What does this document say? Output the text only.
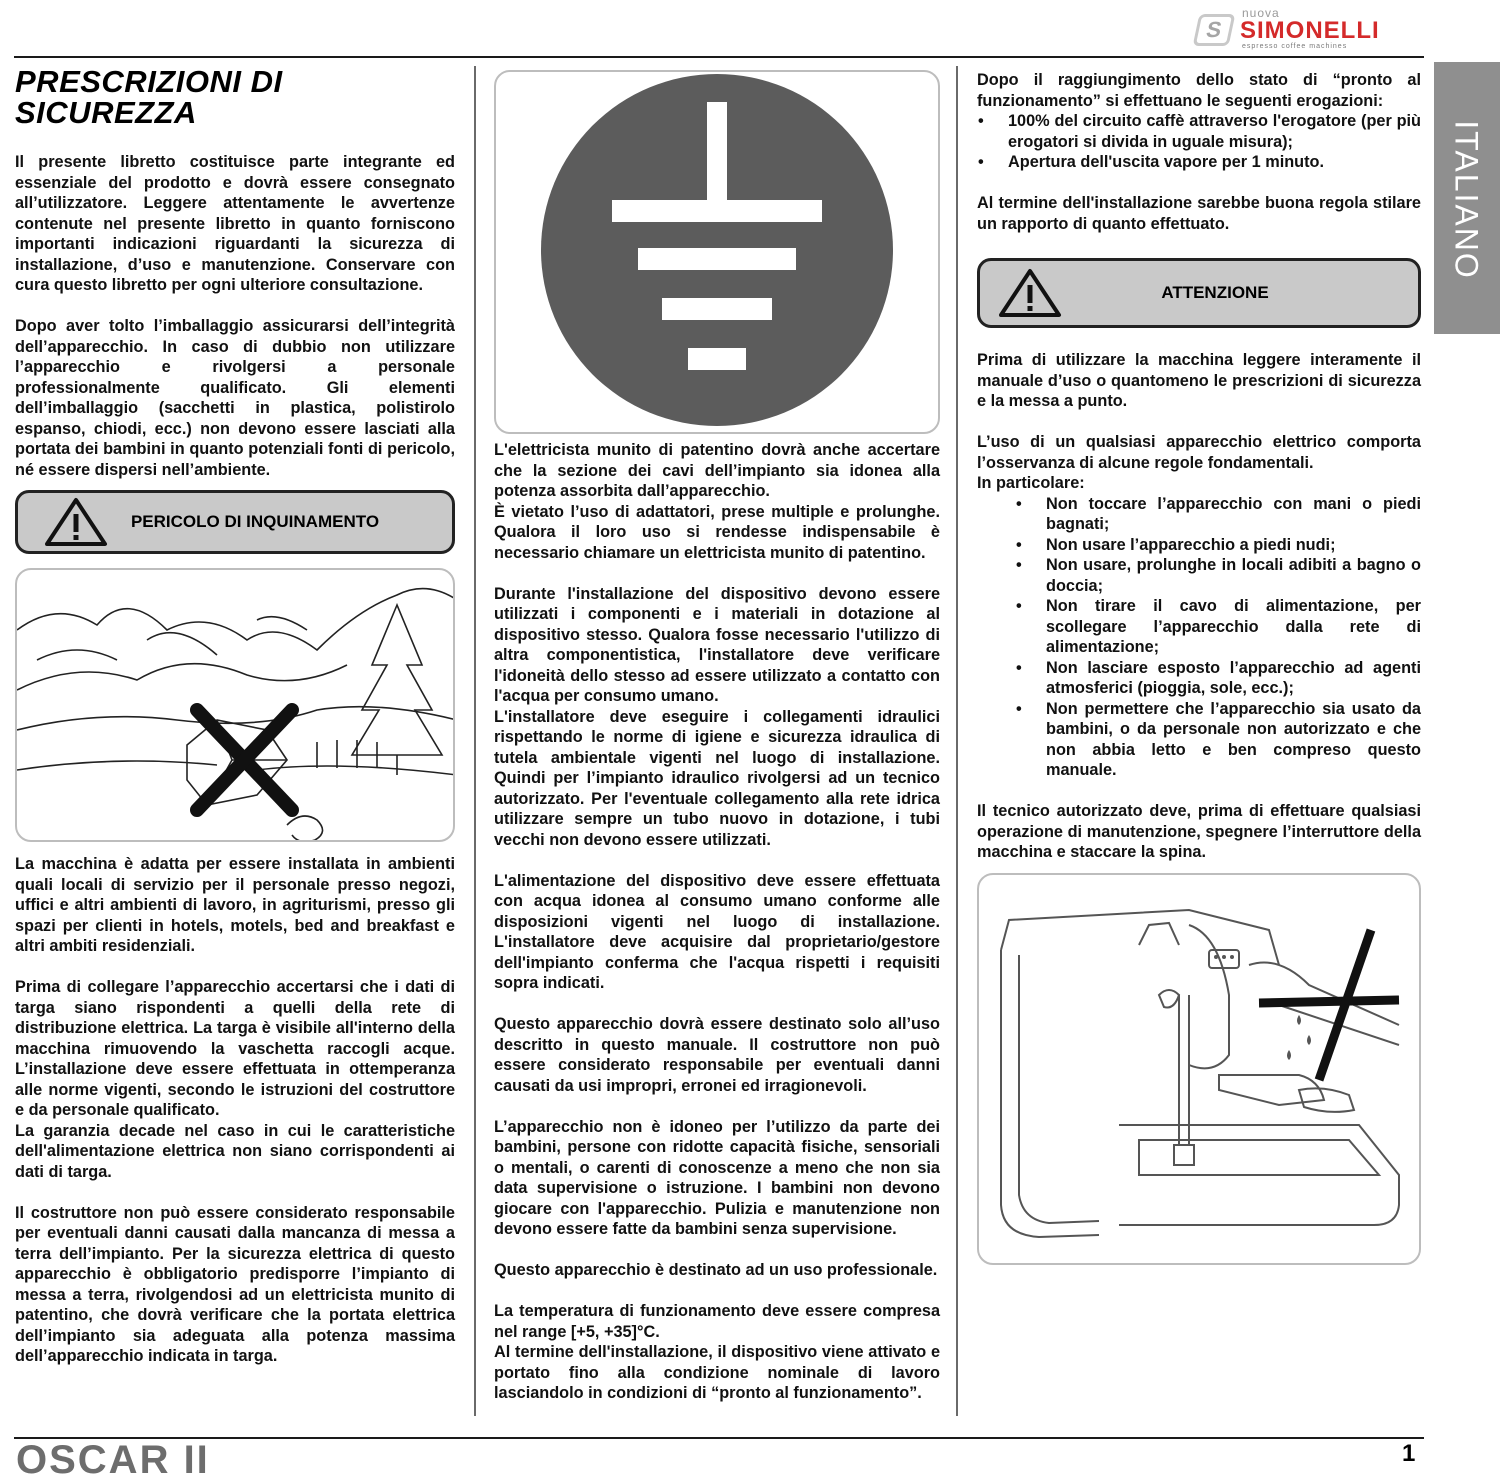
S
nuova
SIMONELLI
espresso coffee machines
ITALIANO
PRESCRIZIONI DI SICUREZZA

Il presente libretto costituisce parte integrante ed essenziale del prodotto e dovrà essere consegnato all’utilizzatore. Leggere attentamente le avvertenze contenute nel presente libretto in quanto forniscono importanti indicazioni riguardanti la sicurezza di installazione, d’uso e manutenzione. Conservare con cura questo libretto per ogni ulteriore consultazione.

Dopo aver tolto l’imballaggio assicurarsi dell’integrità dell’apparecchio. In caso di dubbio non utilizzare l’apparecchio e rivolgersi a personale professionalmente qualificato. Gli elementi dell’imballaggio (sacchetti in plastica, polistirolo espanso, chiodi, ecc.) non devono essere lasciati alla portata dei bambini in quanto potenziali fonti di pericolo, né essere dispersi nell’ambiente.

PERICOLO DI INQUINAMENTO

La macchina è adatta per essere installata in ambienti quali locali di servizio per il personale presso negozi, uffici e altri ambienti di lavoro, in agriturismi, presso gli spazi per clienti in hotels, motels, bed and breakfast e altri ambiti residenziali.

Prima di collegare l’apparecchio accertarsi che i dati di targa siano rispondenti a quelli della rete di distribuzione elettrica. La targa è visibile all'interno della macchina rimuovendo la vaschetta raccogli acque. L’installazione deve essere effettuata in ottemperanza alle norme vigenti, secondo le istruzioni del costruttore e da personale qualificato.

La garanzia decade nel caso in cui le caratteristiche dell'alimentazione elettrica non siano corrispondenti ai dati di targa.

Il costruttore non può essere considerato responsabile per eventuali danni causati dalla mancanza di messa a terra dell’impianto. Per la sicurezza elettrica di questo apparecchio è obbligatorio predisporre l’impianto di messa a terra, rivolgendosi ad un elettricista munito di patentino, che dovrà verificare che la portata elettrica dell’impianto sia adeguata alla potenza massima dell’apparecchio indicata in targa.

L'elettricista munito di patentino dovrà anche accertare che la sezione dei cavi dell’impianto sia idonea alla potenza assorbita dall’apparecchio.

È vietato l’uso di adattatori, prese multiple e prolunghe. Qualora il loro uso si rendesse indispensabile è necessario chiamare un elettricista munito di patentino.

Durante l'installazione del dispositivo devono essere utilizzati i componenti e i materiali in dotazione al dispositivo stesso. Qualora fosse necessario l'utilizzo di altra componentistica, l'installatore deve verificare l'idoneità dello stesso ad essere utilizzato a contatto con l'acqua per consumo umano.

L'installatore deve eseguire i collegamenti idraulici rispettando le norme di igiene e sicurezza idraulica di tutela ambientale vigenti nel luogo di installazione. Quindi per l’impianto idraulico rivolgersi ad un tecnico autorizzato. Per l'eventuale collegamento alla rete idrica utilizzare sempre un tubo nuovo in dotazione, i tubi vecchi non devono essere utilizzati.

L'alimentazione del dispositivo deve essere effettuata con acqua idonea al consumo umano conforme alle disposizioni vigenti nel luogo di installazione. L'installatore deve acquisire dal proprietario/gestore dell'impianto conferma che l'acqua rispetti i requisiti sopra indicati.

Questo apparecchio dovrà essere destinato solo all’uso descritto in questo manuale. Il costruttore non può essere considerato responsabile per eventuali danni causati da usi impropri, erronei ed irragionevoli.

L’apparecchio non è idoneo per l’utilizzo da parte dei bambini, persone con ridotte capacità fisiche, sensoriali o mentali, o carenti di conoscenze a meno che non sia data supervisione o istruzione. I bambini non devono giocare con l'apparecchio. Pulizia e manutenzione non devono essere fatte da bambini senza supervisione.

Questo apparecchio è destinato ad un uso professionale.

La temperatura di funzionamento deve essere compresa nel range [+5, +35]°C.

Al termine dell'installazione, il dispositivo viene attivato e portato fino alla condizione nominale di lavoro lasciandolo in condizioni di “pronto al funzionamento”.

Dopo il raggiungimento dello stato di “pronto al funzionamento” si effettuano le seguenti erogazioni:

• 100% del circuito caffè attraverso l'erogatore (per più erogatori si divida in uguale misura);
• Apertura dell'uscita vapore per 1 minuto.

Al termine dell'installazione sarebbe buona regola stilare un rapporto di quanto effettuato.

ATTENZIONE

Prima di utilizzare la macchina leggere interamente il manuale d’uso o quantomeno le prescrizioni di sicurezza e la messa a punto.

L’uso di un qualsiasi apparecchio elettrico comporta l’osservanza di alcune regole fondamentali.

In particolare:

• Non toccare l’apparecchio con mani o piedi bagnati;
• Non usare l’apparecchio a piedi nudi;
• Non usare, prolunghe in locali adibiti a bagno o doccia;
• Non tirare il cavo di alimentazione, per scollegare l’apparecchio dalla rete di alimentazione;
• Non lasciare esposto l’apparecchio ad agenti atmosferici (pioggia, sole, ecc.);
• Non permettere che l’apparecchio sia usato da bambini, o da personale non autorizzato e che non abbia letto e ben compreso questo manuale.

Il tecnico autorizzato deve, prima di effettuare qualsiasi operazione di manutenzione, spegnere l’interruttore della macchina e staccare la spina.

OSCAR II	1
